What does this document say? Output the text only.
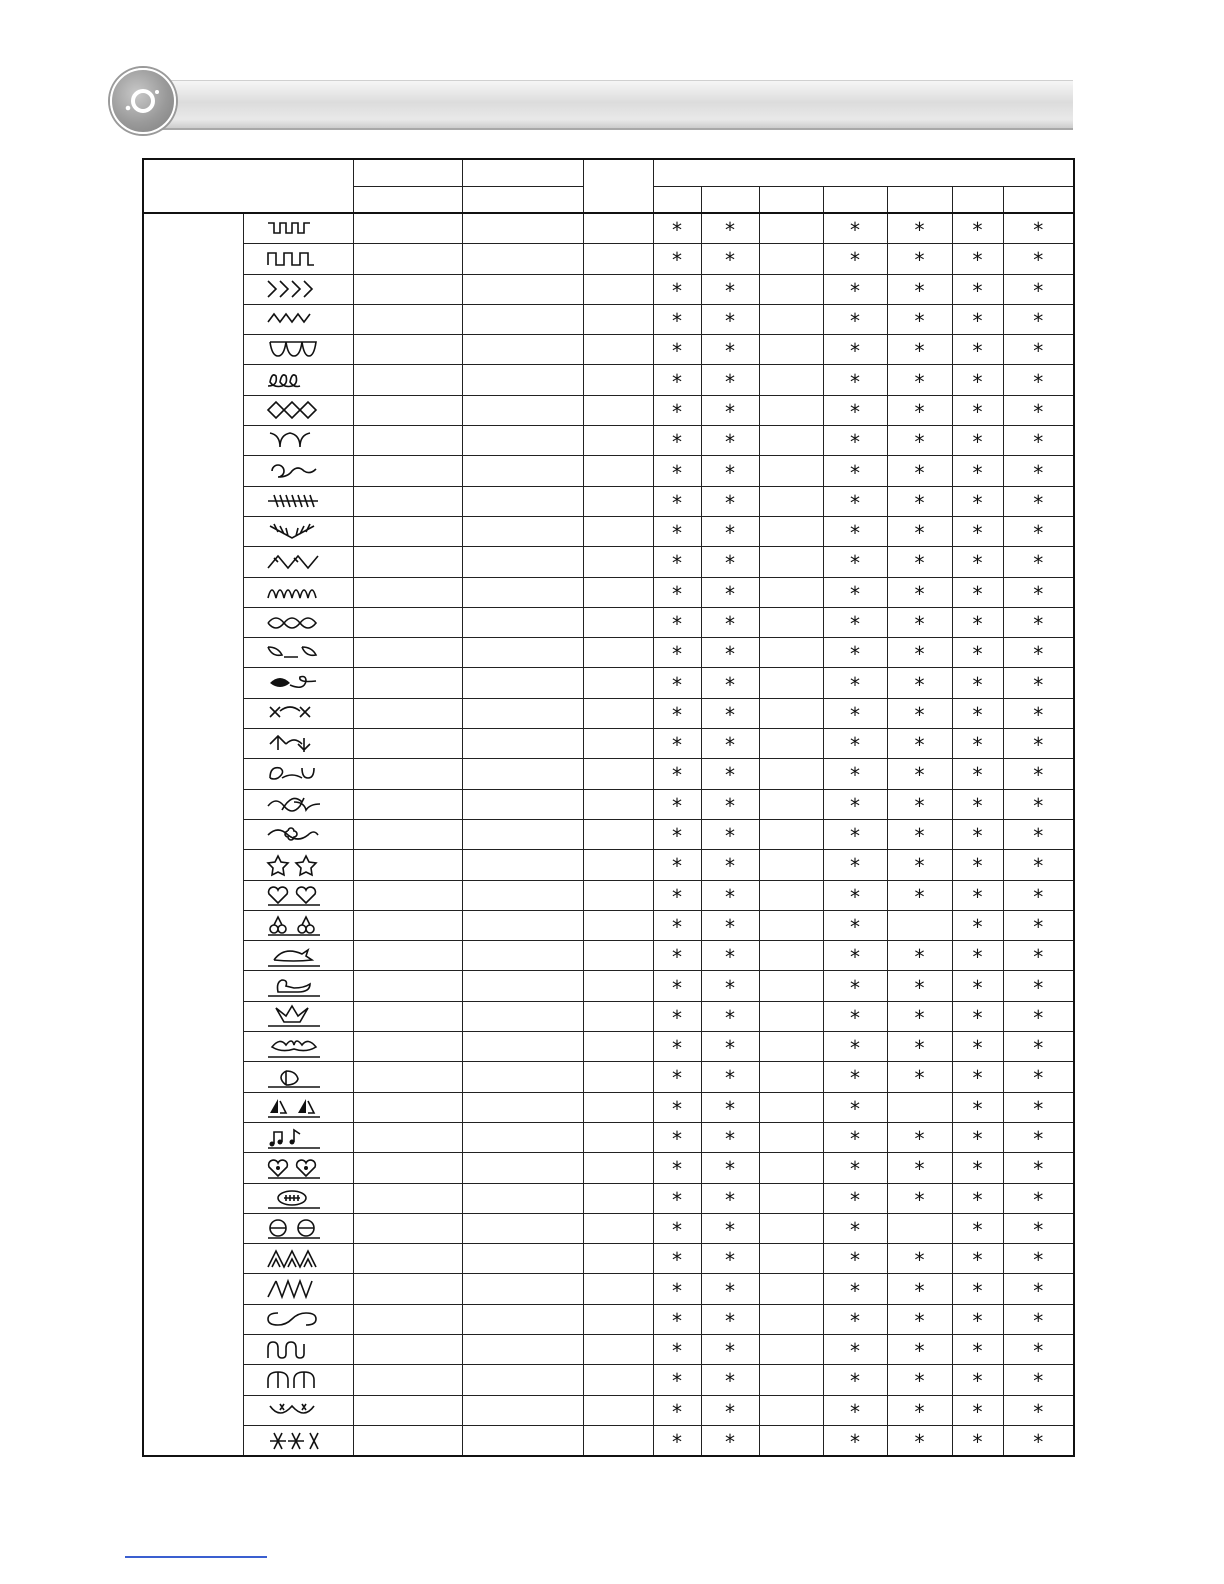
				*	*		*	*	*	*

				*	*		*	*	*	*

				*	*		*	*	*	*

				*	*		*	*	*	*

				*	*		*	*	*	*

				*	*		*	*	*	*

				*	*		*	*	*	*

				*	*		*	*	*	*

				*	*		*	*	*	*

				*	*		*	*	*	*

				*	*		*	*	*	*

				*	*		*	*	*	*

				*	*		*	*	*	*

				*	*		*	*	*	*

				*	*		*	*	*	*

				*	*		*	*	*	*

				*	*		*	*	*	*

				*	*		*	*	*	*

				*	*		*	*	*	*

				*	*		*	*	*	*

				*	*		*	*	*	*

				*	*		*	*	*	*

				*	*		*	*	*	*

				*	*		*		*	*

				*	*		*	*	*	*

				*	*		*	*	*	*

				*	*		*	*	*	*

				*	*		*	*	*	*

				*	*		*	*	*	*

				*	*		*		*	*

				*	*		*	*	*	*

				*	*		*	*	*	*

				*	*		*	*	*	*

				*	*		*		*	*

				*	*		*	*	*	*

				*	*		*	*	*	*

				*	*		*	*	*	*

				*	*		*	*	*	*

				*	*		*	*	*	*

				*	*		*	*	*	*

				*	*		*	*	*	*
